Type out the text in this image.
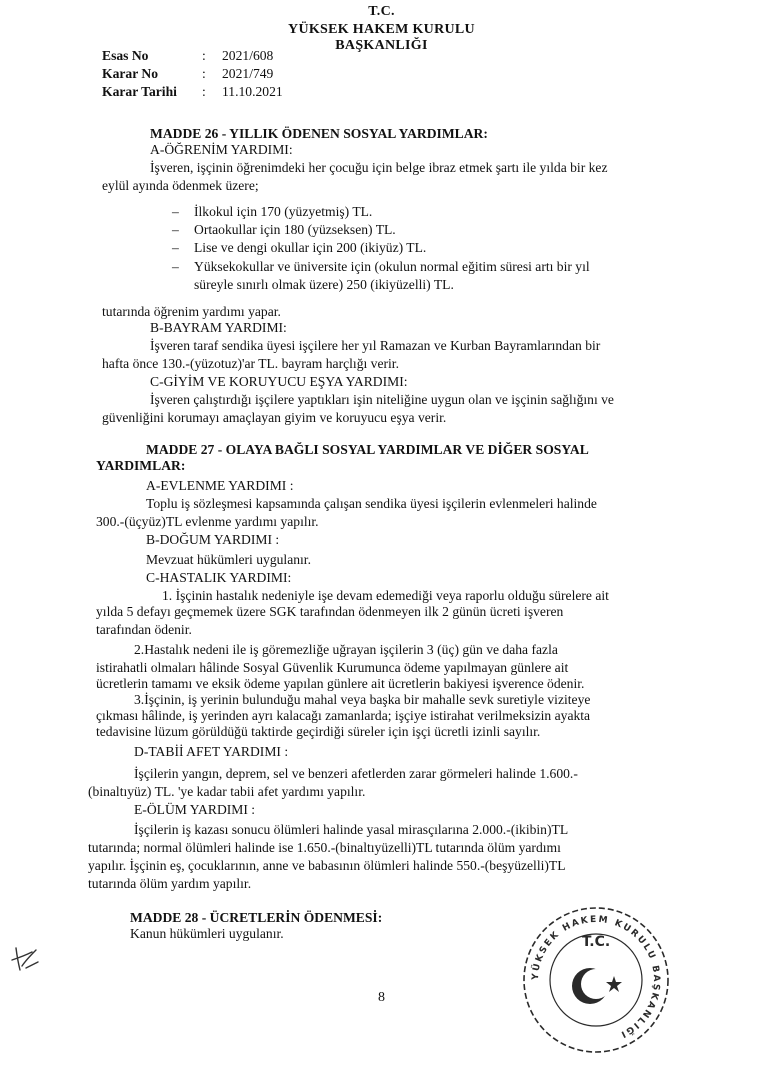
T.C.
YÜKSEK HAKEM KURULU
BAŞKANLIĞI
Esas No	: 2021/608
Karar No	: 2021/749
Karar Tarihi : 11.10.2021
MADDE 26 - YILLIK ÖDENEN SOSYAL YARDIMLAR:
A-ÖĞRENİM YARDIMI:
İşveren, işçinin öğrenimdeki her çocuğu için belge ibraz etmek şartı ile yılda bir kez
eylül ayında ödenmek üzere;
– İlkokul için 170 (yüzyetmiş) TL.
– Ortaokullar için 180 (yüzseksen) TL.
– Lise ve dengi okullar için 200 (ikiyüz) TL.
– Yüksekokullar ve üniversite için (okulun normal eğitim süresi artı bir yıl
süreyle sınırlı olmak üzere) 250 (ikiyüzelli) TL.
tutarında öğrenim yardımı yapar.
B-BAYRAM YARDIMI:
İşveren taraf sendika üyesi işçilere her yıl Ramazan ve Kurban Bayramlarından bir
hafta önce 130.-(yüzotuz)'ar TL. bayram harçlığı verir.
C-GİYİM VE KORUYUCU EŞYA YARDIMI:
İşveren çalıştırdığı işçilere yaptıkları işin niteliğine uygun olan ve işçinin sağlığını ve
güvenliğini korumayı amaçlayan giyim ve koruyucu eşya verir.
MADDE 27 - OLAYA BAĞLI SOSYAL YARDIMLAR VE DİĞER SOSYAL
YARDIMLAR:
A-EVLENME YARDIMI :
Toplu iş sözleşmesi kapsamında çalışan sendika üyesi işçilerin evlenmeleri halinde
300.-(üçyüz)TL evlenme yardımı yapılır.
B-DOĞUM YARDIMI :
Mevzuat hükümleri uygulanır.
C-HASTALIK YARDIMI:
1. İşçinin hastalık nedeniyle işe devam edemediği veya raporlu olduğu sürelere ait
yılda 5 defayı geçmemek üzere SGK tarafından ödenmeyen ilk 2 günün ücreti işveren
tarafından ödenir.
2.Hastalık nedeni ile iş göremezliğe uğrayan işçilerin 3 (üç) gün ve daha fazla
istirahatli olmaları hâlinde Sosyal Güvenlik Kurumunca ödeme yapılmayan günlere ait
ücretlerin tamamı ve eksik ödeme yapılan günlere ait ücretlerin bakiyesi işverence ödenir.
3.İşçinin, iş yerinin bulunduğu mahal veya başka bir mahalle sevk suretiyle viziteye
çıkması hâlinde, iş yerinden ayrı kalacağı zamanlarda; işçiye istirahat verilmeksizin ayakta
tedavisine lüzum görüldüğü taktirde geçirdiği süreler için işçi ücretli izinli sayılır.
D-TABİİ AFET YARDIMI :
İşçilerin yangın, deprem, sel ve benzeri afetlerden zarar görmeleri halinde 1.600.-
(binaltıyüz) TL. 'ye kadar tabii afet yardımı yapılır.
E-ÖLÜM YARDIMI :
İşçilerin iş kazası sonucu ölümleri halinde yasal mirasçılarına 2.000.-(ikibin)TL
tutarında; normal ölümleri halinde ise 1.650.-(binaltıyüzelli)TL tutarında ölüm yardımı
yapılır. İşçinin eş, çocuklarının, anne ve babasının ölümleri halinde 550.-(beşyüzelli)TL
tutarında ölüm yardım yapılır.
MADDE 28 - ÜCRETLERİN ÖDENMESİ:
Kanun hükümleri uygulanır.
8
YÜKSEK HAKEM KURULU BAŞKANLIĞI
T.C.
